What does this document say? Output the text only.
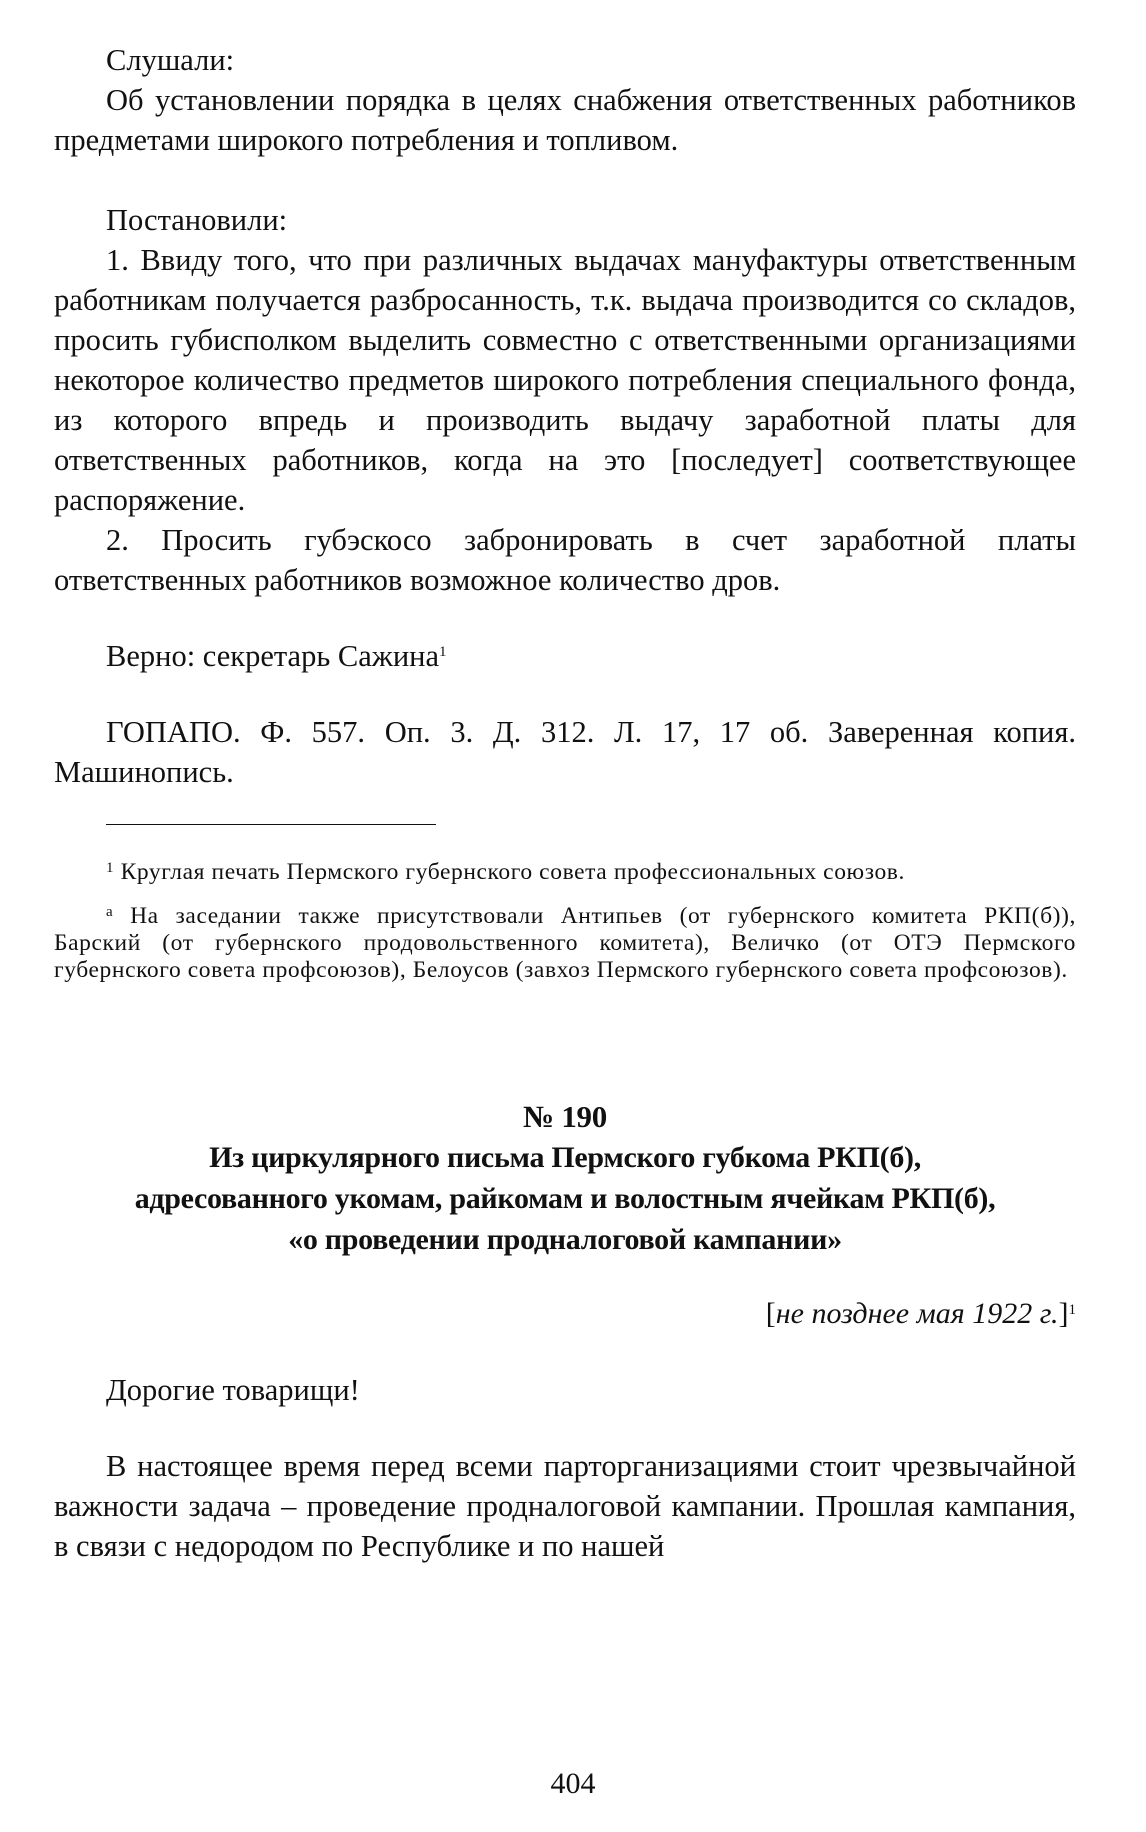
Слушали:

Об установлении порядка в целях снабжения ответственных работников предметами широкого потребления и топливом.

Постановили:

1. Ввиду того, что при различных выдачах мануфактуры ответственным работникам получается разбросанность, т.к. выдача производится со складов, просить губисполком выделить совместно с ответственными организациями некоторое количество предметов широкого потребления специального фонда, из которого впредь и производить выдачу заработной платы для ответственных работников, когда на это [последует] соответствующее распоряжение.

2. Просить губэскосо забронировать в счет заработной платы ответственных работников возможное количество дров.

Верно: секретарь Сажина$^1$

ГОПАПО. Ф. 557. Оп. 3. Д. 312. Л. 17, 17 об. Заверенная копия. Машинопись.

$^1$ Круглая печать Пермского губернского совета профессиональных союзов.

$^а$ На заседании также присутствовали Антипьев (от губернского комитета РКП(б)), Барский (от губернского продовольственного комитета), Величко (от ОТЭ Пермского губернского совета профсоюзов), Белоусов (завхоз Пермского губернского совета профсоюзов).

№ 190
Из циркулярного письма Пермского губкома РКП(б),
адресованного укомам, райкомам и волостным ячейкам РКП(б),
«о проведении продналоговой кампании»
[не позднее мая 1922 г.]$^1$

Дорогие товарищи!

В настоящее время перед всеми парторганизациями стоит чрезвычайной важности задача – проведение продналоговой кампании. Прошлая кампания, в связи с недородом по Республике и по нашей

404
